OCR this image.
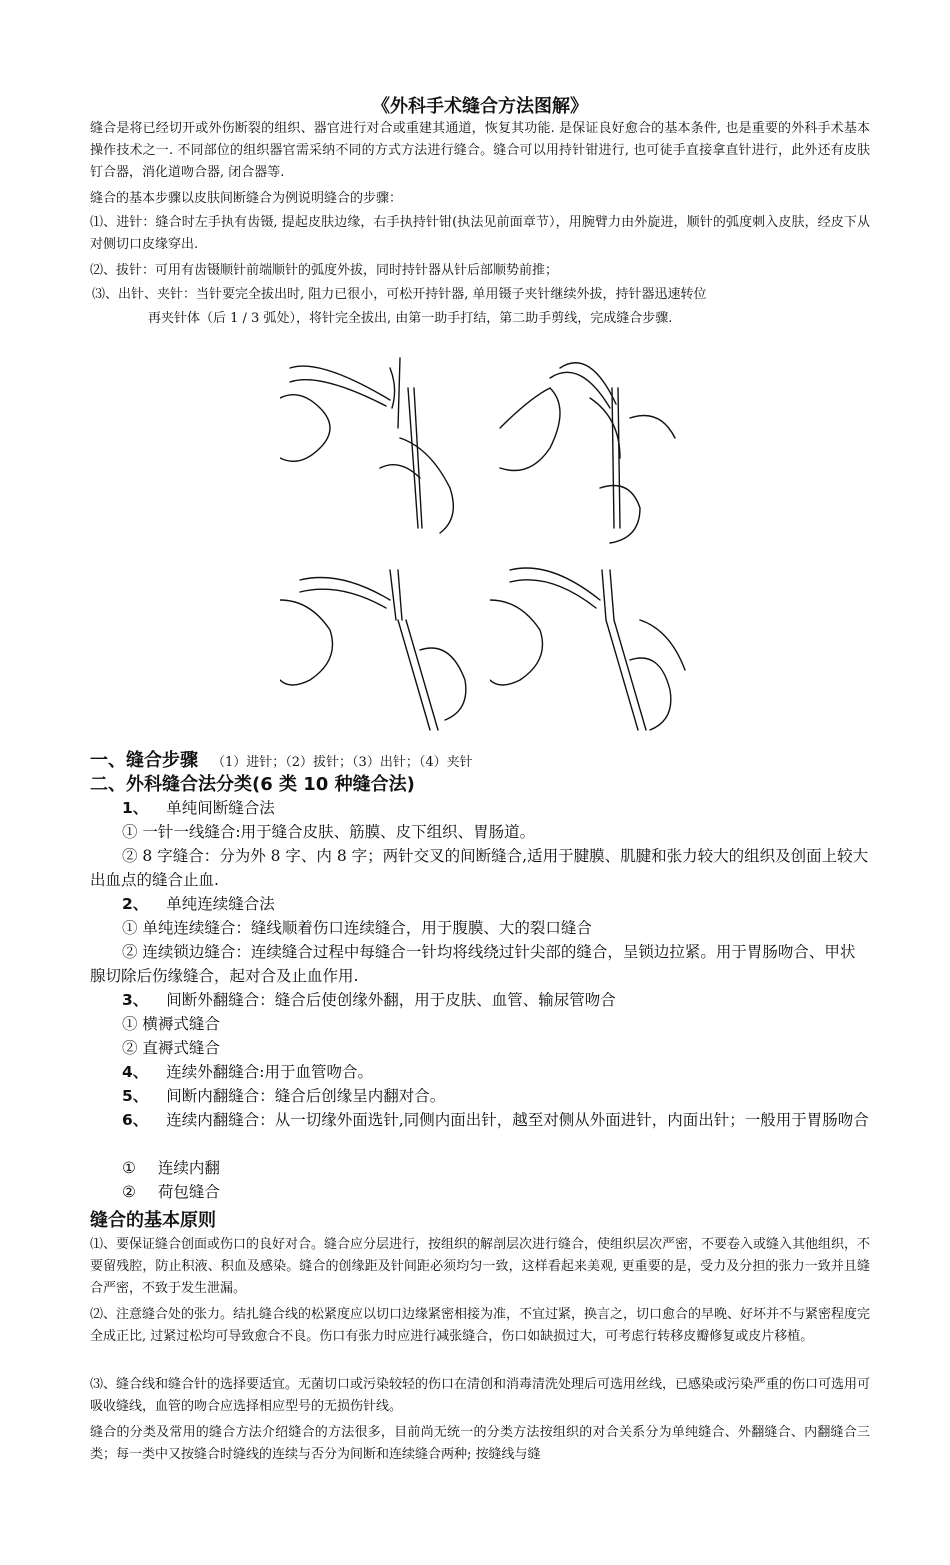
《外科手术缝合方法图解》
缝合是将已经切开或外伤断裂的组织、器官进行对合或重建其通道，恢复其功能. 是保证良好愈合的基本条件, 也是重要的外科手术基本操作技术之一. 不同部位的组织器官需采纳不同的方式方法进行缝合。缝合可以用持针钳进行, 也可徒手直接拿直针进行，此外还有皮肤钉合器，消化道吻合器, 闭合器等.
缝合的基本步骤以皮肤间断缝合为例说明缝合的步骤：
⑴、进针：缝合时左手执有齿镊, 提起皮肤边缘，右手执持针钳(执法见前面章节），用腕臂力由外旋进，顺针的弧度刺入皮肤，经皮下从对侧切口皮缘穿出.
⑵、拔针：可用有齿镊顺针前端顺针的弧度外拔，同时持针器从针后部顺势前推；
⑶、出针、夹针：当针要完全拔出时, 阻力已很小，可松开持针器, 单用镊子夹针继续外拔，持针器迅速转位
再夹针体（后 1 / 3 弧处），将针完全拔出, 由第一助手打结，第二助手剪线，完成缝合步骤.
一、缝合步骤 （1）进针；（2）拔针；（3）出针；（4）夹针
二、外科缝合法分类(6 类 10 种缝合法)
1、 单纯间断缝合法
① 一针一线缝合:用于缝合皮肤、筋膜、皮下组织、胃肠道。
② 8 字缝合：分为外 8 字、内 8 字；两针交叉的间断缝合,适用于腱膜、肌腱和张力较大的组织及创面上较大出血点的缝合止血.
2、 单纯连续缝合法
① 单纯连续缝合：缝线顺着伤口连续缝合，用于腹膜、大的裂口缝合
② 连续锁边缝合：连续缝合过程中每缝合一针均将线绕过针尖部的缝合，呈锁边拉紧。用于胃肠吻合、甲状腺切除后伤缘缝合，起对合及止血作用.
3、 间断外翻缝合：缝合后使创缘外翻，用于皮肤、血管、输尿管吻合
① 横褥式缝合
② 直褥式缝合
4、 连续外翻缝合:用于血管吻合。
5、 间断内翻缝合：缝合后创缘呈内翻对合。
6、 连续内翻缝合：从一切缘外面选针,同侧内面出针，越至对侧从外面进针，内面出针；一般用于胃肠吻合
① 连续内翻
② 荷包缝合
缝合的基本原则
⑴、要保证缝合创面或伤口的良好对合。缝合应分层进行，按组织的解剖层次进行缝合，使组织层次严密，不要卷入或缝入其他组织，不要留残腔，防止积液、积血及感染。缝合的创缘距及针间距必须均匀一致，这样看起来美观, 更重要的是，受力及分担的张力一致并且缝合严密，不致于发生泄漏。
⑵、注意缝合处的张力。结扎缝合线的松紧度应以切口边缘紧密相接为准，不宜过紧，换言之，切口愈合的早晚、好坏并不与紧密程度完全成正比, 过紧过松均可导致愈合不良。伤口有张力时应进行减张缝合，伤口如缺损过大，可考虑行转移皮瓣修复或皮片移植。
⑶、缝合线和缝合针的选择要适宜。无菌切口或污染较轻的伤口在清创和消毒清洗处理后可选用丝线，已感染或污染严重的伤口可选用可吸收缝线，血管的吻合应选择相应型号的无损伤针线。
缝合的分类及常用的缝合方法介绍缝合的方法很多，目前尚无统一的分类方法按组织的对合关系分为单纯缝合、外翻缝合、内翻缝合三类；每一类中又按缝合时缝线的连续与否分为间断和连续缝合两种; 按缝线与缝
